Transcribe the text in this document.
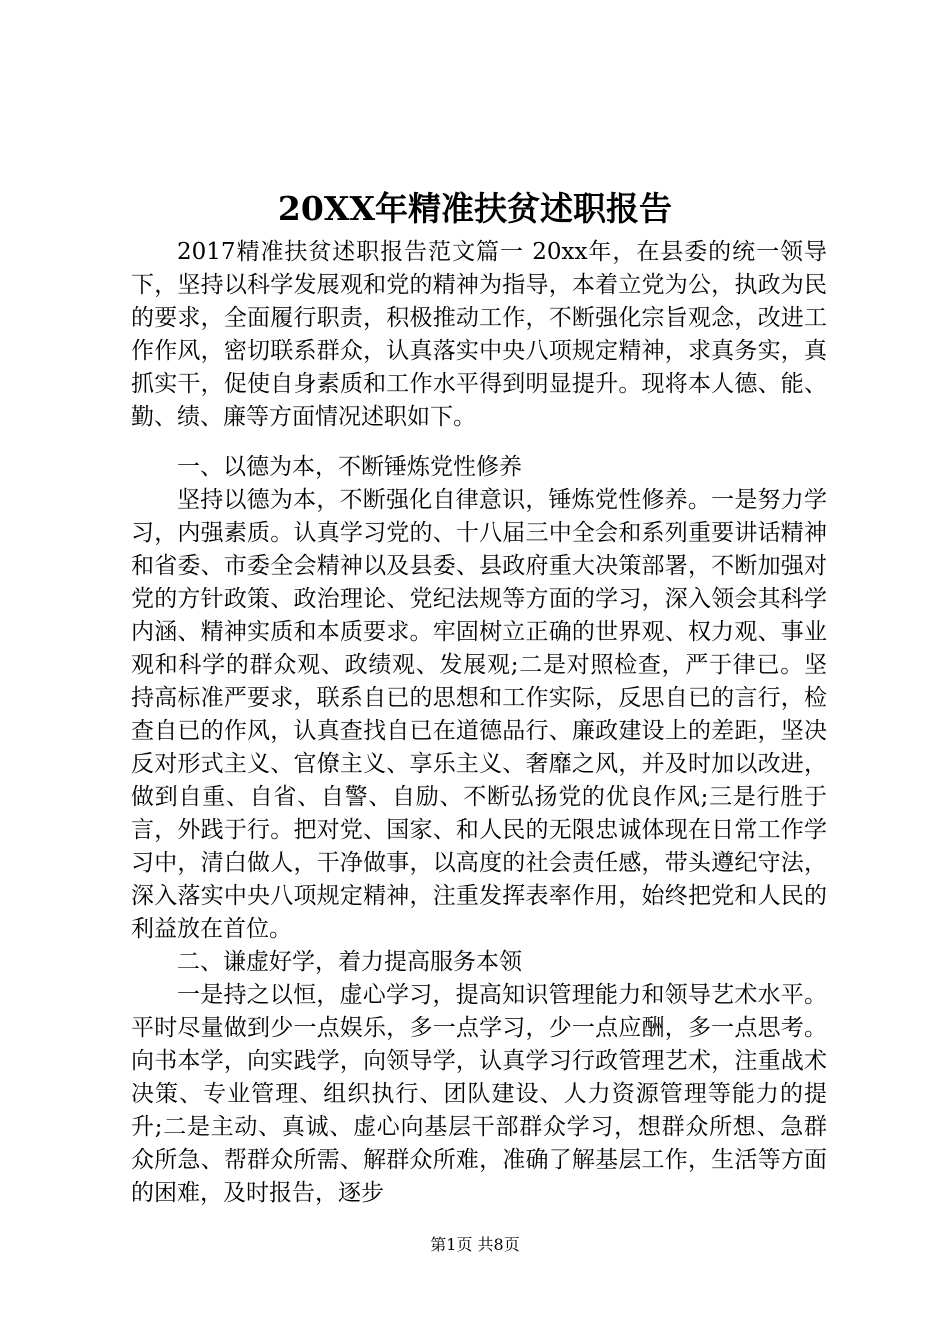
20XX年精准扶贫述职报告

2017精准扶贫述职报告范文篇一 20xx年，在县委的统一领导下，坚持以科学发展观和党的精神为指导，本着立党为公，执政为民的要求，全面履行职责，积极推动工作，不断强化宗旨观念，改进工作作风，密切联系群众，认真落实中央八项规定精神，求真务实，真抓实干，促使自身素质和工作水平得到明显提升。现将本人德、能、勤、绩、廉等方面情况述职如下。

一、以德为本，不断锤炼党性修养

坚持以德为本，不断强化自律意识，锤炼党性修养。一是努力学习，内强素质。认真学习党的、十八届三中全会和系列重要讲话精神和省委、市委全会精神以及县委、县政府重大决策部署，不断加强对党的方针政策、政治理论、党纪法规等方面的学习，深入领会其科学内涵、精神实质和本质要求。牢固树立正确的世界观、权力观、事业观和科学的群众观、政绩观、发展观;二是对照检查，严于律已。坚持高标准严要求，联系自已的思想和工作实际，反思自已的言行，检查自已的作风，认真查找自已在道德品行、廉政建设上的差距，坚决反对形式主义、官僚主义、享乐主义、奢靡之风，并及时加以改进，做到自重、自省、自警、自励、不断弘扬党的优良作风;三是行胜于言，外践于行。把对党、国家、和人民的无限忠诚体现在日常工作学习中，清白做人，干净做事，以高度的社会责任感，带头遵纪守法，深入落实中央八项规定精神，注重发挥表率作用，始终把党和人民的利益放在首位。

二、谦虚好学，着力提高服务本领

一是持之以恒，虚心学习，提高知识管理能力和领导艺术水平。平时尽量做到少一点娱乐，多一点学习，少一点应酬，多一点思考。向书本学，向实践学，向领导学，认真学习行政管理艺术，注重战术决策、专业管理、组织执行、团队建设、人力资源管理等能力的提升;二是主动、真诚、虚心向基层干部群众学习，想群众所想、急群众所急、帮群众所需、解群众所难，准确了解基层工作，生活等方面的困难，及时报告，逐步

第1页 共8页
